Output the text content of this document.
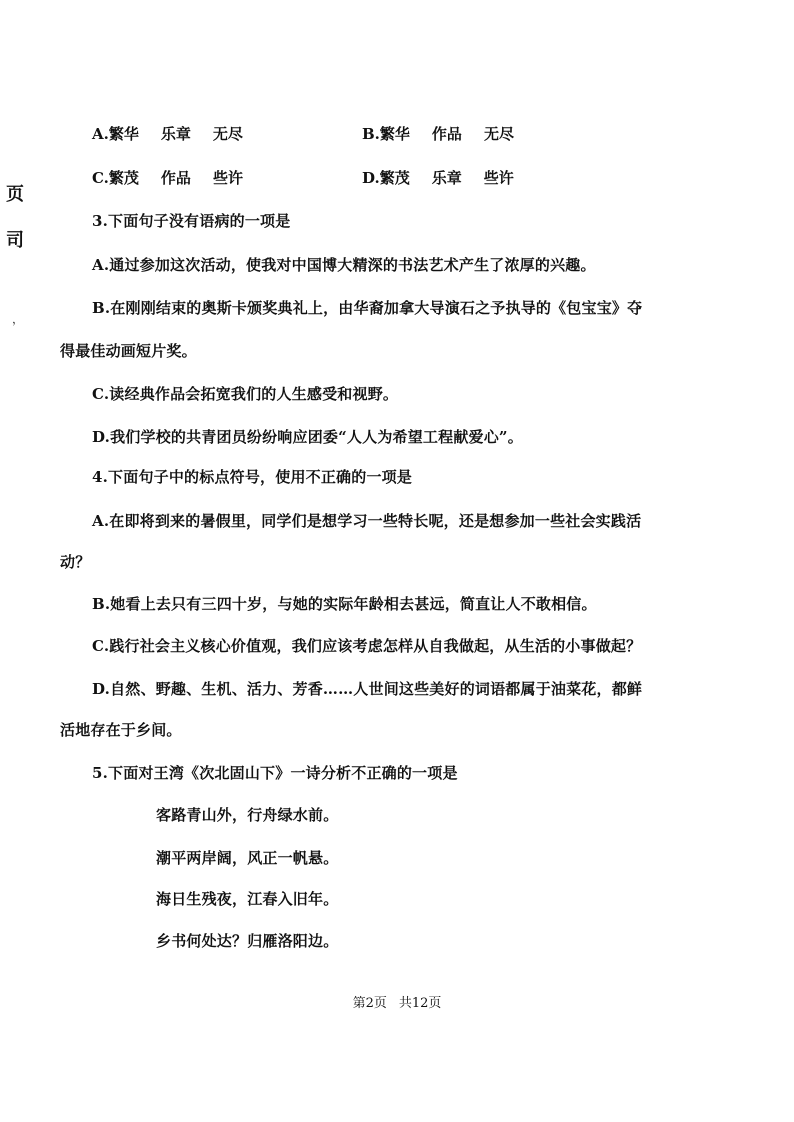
页
司
，
A.繁华 乐章 无尽	B.繁华 作品 无尽
C.繁茂 作品 些许	D.繁茂 乐章 些许
3.下面句子没有语病的一项是
A.通过参加这次活动，使我对中国博大精深的书法艺术产生了浓厚的兴趣。
B.在刚刚结束的奥斯卡颁奖典礼上，由华裔加拿大导演石之予执导的《包宝宝》夺
得最佳动画短片奖。
C.读经典作品会拓宽我们的人生感受和视野。
D.我们学校的共青团员纷纷响应团委“人人为希望工程献爱心”。
4.下面句子中的标点符号，使用不正确的一项是
A.在即将到来的暑假里，同学们是想学习一些特长呢，还是想参加一些社会实践活
动？
B.她看上去只有三四十岁，与她的实际年龄相去甚远，简直让人不敢相信。
C.践行社会主义核心价值观，我们应该考虑怎样从自我做起，从生活的小事做起？
D.自然、野趣、生机、活力、芳香……人世间这些美好的词语都属于油菜花，都鲜
活地存在于乡间。
5.下面对王湾《次北固山下》一诗分析不正确的一项是
客路青山外，行舟绿水前。
潮平两岸阔，风正一帆悬。
海日生残夜，江春入旧年。
乡书何处达？归雁洛阳边。
第2页 共12页
